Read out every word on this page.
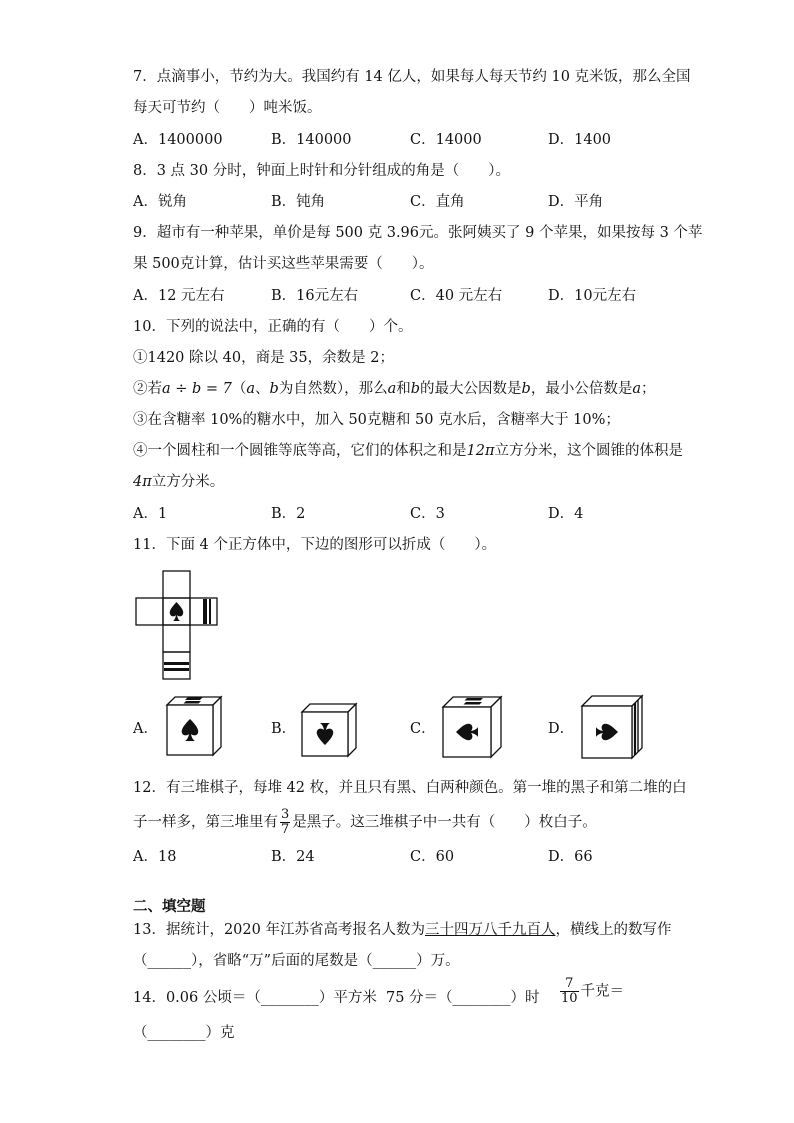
7．点滴事小，节约为大。我国约有 14 亿人，如果每人每天节约 10 克米饭，那么全国
每天可节约（　　）吨米饭。
A．1400000	B．140000	C．14000	D．1400
8．3 点 30 分时，钟面上时针和分针组成的角是（　　）。
A．锐角	B．钝角	C．直角	D．平角
9．超市有一种苹果，单价是每 500 克 3.96元。张阿姨买了 9 个苹果，如果按每 3 个苹
果 500克计算，估计买这些苹果需要（　　）。
A．12 元左右	B．16元左右	C．40 元左右	D．10元左右
10．下列的说法中，正确的有（　　）个。
①1420 除以 40，商是 35，余数是 2；
②若a ÷ b = 7（a、b为自然数），那么a和b的最大公因数是b，最小公倍数是a；
③在含糖率 10%的糖水中，加入 50克糖和 50 克水后，含糖率大于 10%；
④一个圆柱和一个圆锥等底等高，它们的体积之和是12π立方分米，这个圆锥的体积是
4π立方分米。
A．1	B．2	C．3	D．4
11．下面 4 个正方体中，下边的图形可以折成（　　）。
A．	B．	C．	D．
12．有三堆棋子，每堆 42 枚，并且只有黑、白两种颜色。第一堆的黑子和第二堆的白
子一样多，第三堆里有 $\frac{3}{7}$ 是黑子。这三堆棋子中一共有（　　）枚白子。
A．18	B．24	C．60	D．66
二、填空题
13．据统计，2020 年江苏省高考报名人数为三十四万八千九百人，横线上的数写作
（______），省略“万”后面的尾数是（______）万。
14．0.06 公顷＝（________）平方米 75 分＝（________）时 $\frac{7}{10}$ 千克＝
（________）克
